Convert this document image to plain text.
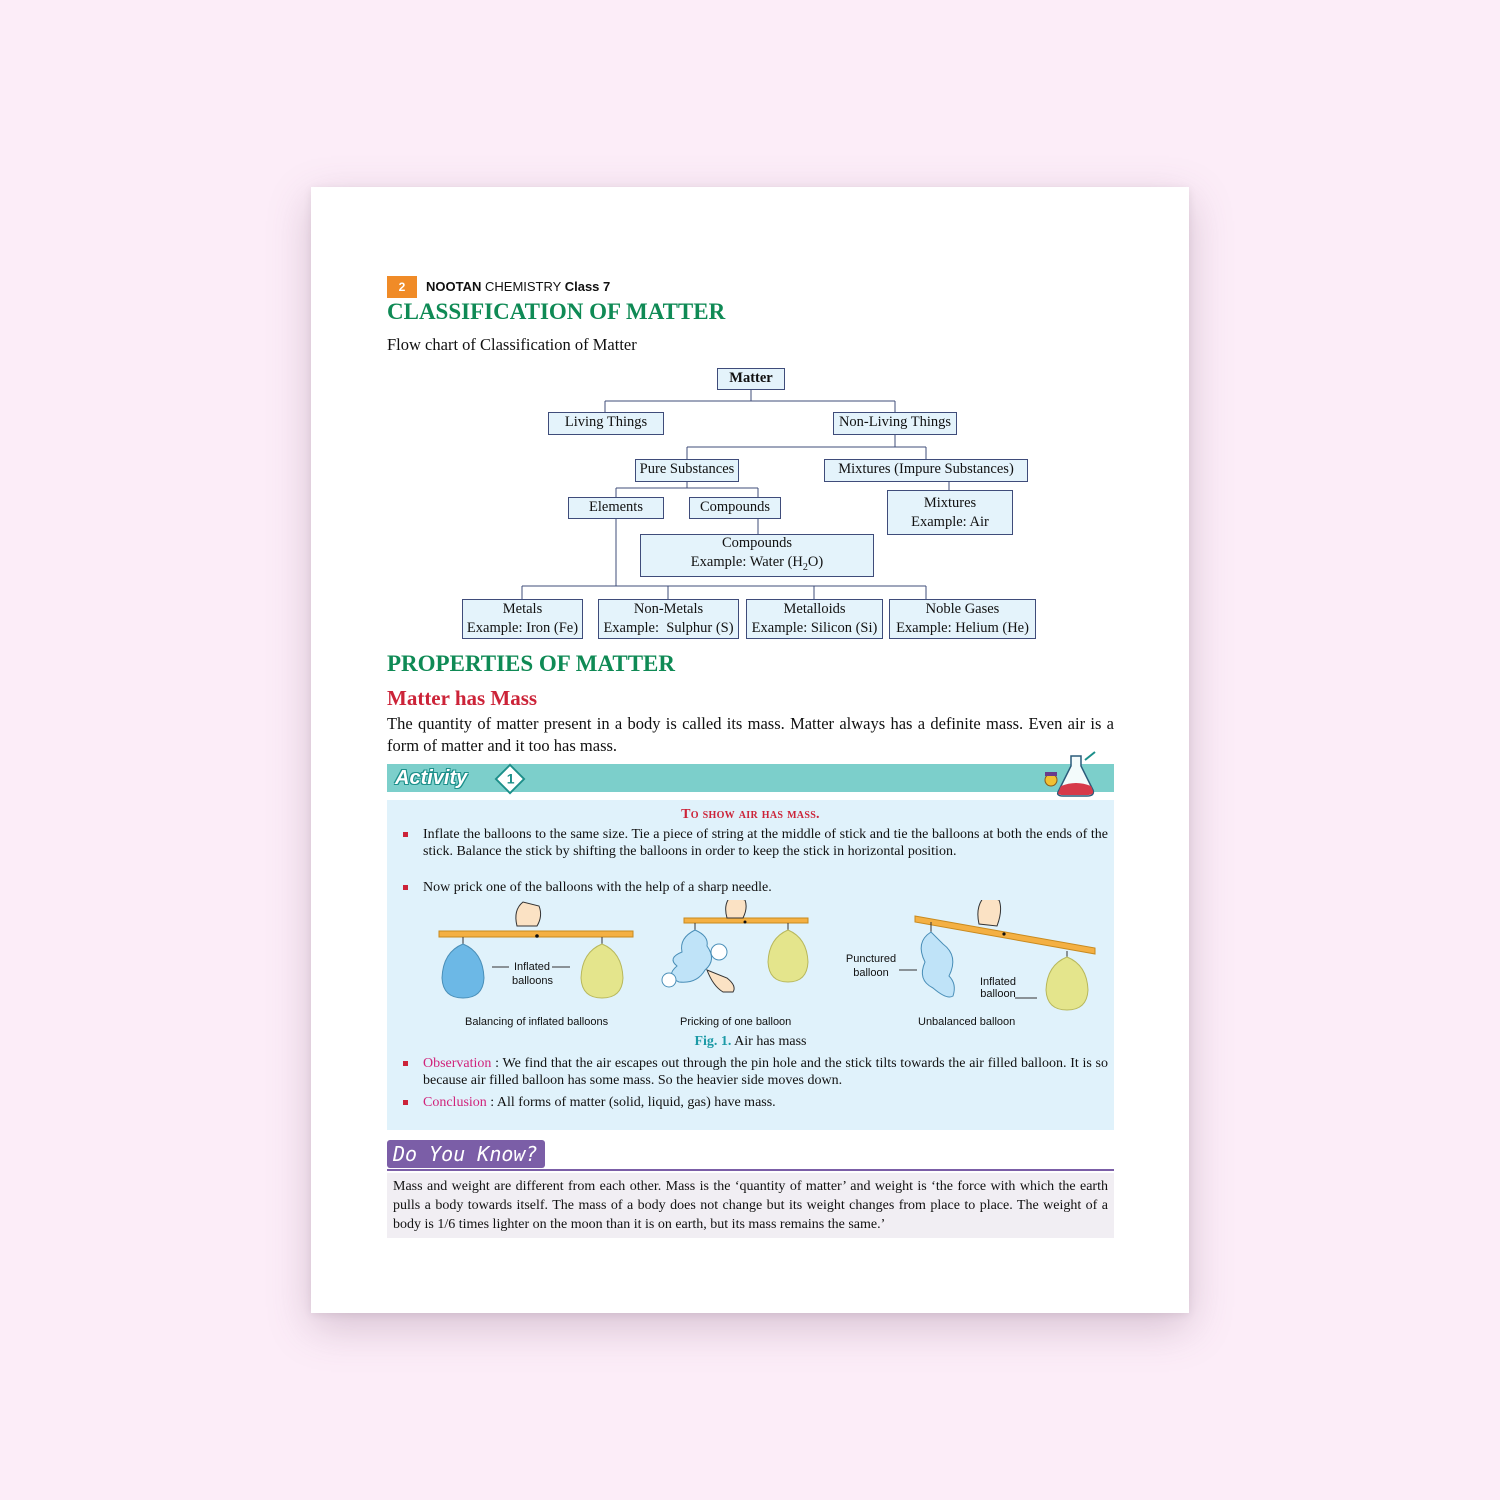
2	NOOTAN CHEMISTRY Class 7
CLASSIFICATION OF MATTER
Flow chart of Classification of Matter
Matter
Living Things	Non-Living Things
Pure Substances	Mixtures (Impure Substances)
Mixtures
Example: Air
Elements	Compounds
Compounds
Example: Water $(H_2O)$
Metals
Example: Iron (Fe)
Non-Metals
Example:  Sulphur (S)
Metalloids
Example: Silicon (Si)
Noble Gases
Example: Helium (He)
PROPERTIES OF MATTER
Matter has Mass
The quantity of matter present in a body is called its mass. Matter always has a definite mass. Even air is a form of matter and it too has mass.
Activity	1
To show air has mass.
Inflate the balloons to the same size. Tie a piece of string at the middle of stick and tie the balloons at both the ends of the stick. Balance the stick by shifting the balloons in order to keep the stick in horizontal position.
Now prick one of the balloons with the help of a sharp needle.
Inflated
balloons
Punctured
balloon
Inflated
balloon
Balancing of inflated balloons	Pricking of one balloon	Unbalanced balloon
Fig. 1. Air has mass
Observation : We find that the air escapes out through the pin hole and the stick tilts towards the air filled balloon. It is so because air filled balloon has some mass. So the heavier side moves down.
Conclusion : All forms of matter (solid, liquid, gas) have mass.
Do You Know?
Mass and weight are different from each other. Mass is the ‘quantity of matter’ and weight is ‘the force with which the earth pulls a body towards itself. The mass of a body does not change but its weight changes from place to place. The weight of a body is 1/6 times lighter on the moon than it is on earth, but its mass remains the same.’
